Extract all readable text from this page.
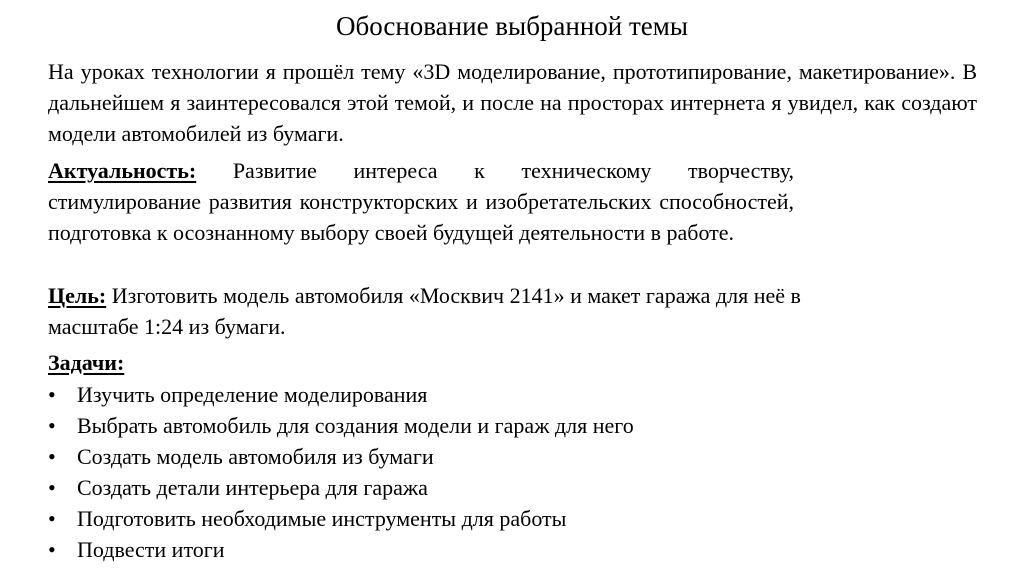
Обоснование выбранной темы
На уроках технологии я прошёл тему «3D моделирование, прототипирование, макетирование». В дальнейшем я заинтересовался этой темой, и после на просторах интернета я увидел, как создают модели автомобилей из бумаги.
Актуальность: Развитие интереса к техническому творчеству, стимулирование развития конструкторских и изобретательских способностей, подготовка к осознанному выбору своей будущей деятельности в работе.
Цель: Изготовить модель автомобиля «Москвич 2141» и макет гаража для неё в масштабе 1:24 из бумаги.
Задачи:
• Изучить определение моделирования
• Выбрать автомобиль для создания модели и гараж для него
• Создать модель автомобиля из бумаги
• Создать детали интерьера для гаража
• Подготовить необходимые инструменты для работы
• Подвести итоги
